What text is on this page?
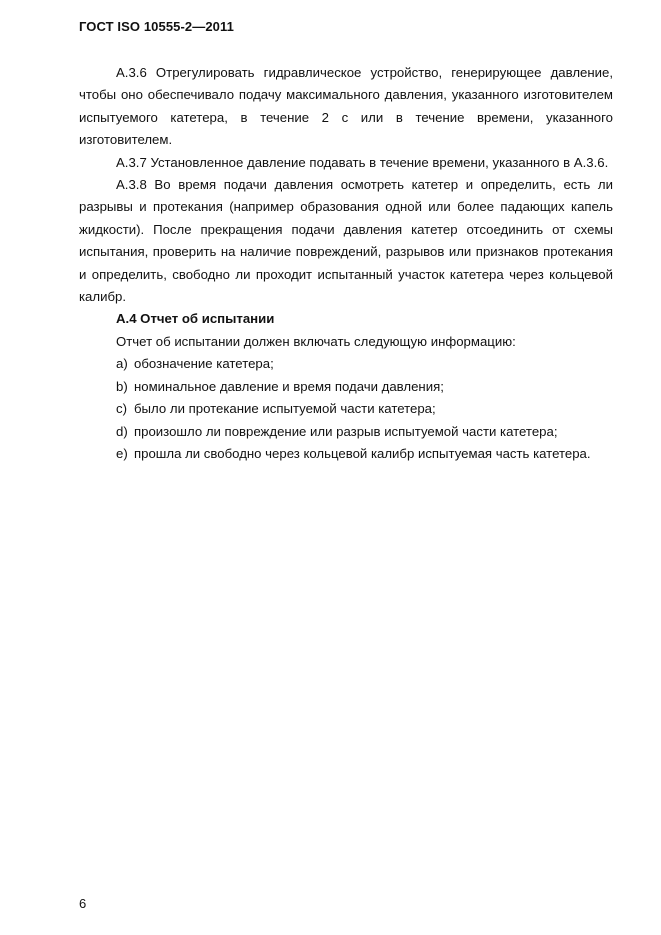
ГОСТ ISO 10555-2—2011

А.3.6 Отрегулировать гидравлическое устройство, генерирующее давление, чтобы оно обеспечивало подачу максимального давления, указанного изготовителем испытуемого катетера, в течение 2 с или в течение времени, указанного изготовителем.

А.3.7 Установленное давление подавать в течение времени, указанного в А.3.6.

А.3.8 Во время подачи давления осмотреть катетер и определить, есть ли разрывы и протекания (например образования одной или более падающих капель жидкости). После прекращения подачи давления катетер отсоединить от схемы испытания, проверить на наличие повреждений, разрывов или признаков протекания и определить, свободно ли проходит испытанный участок катетера через кольцевой калибр.

А.4 Отчет об испытании

Отчет об испытании должен включать следующую информацию:

а) обозначение катетера;
b) номинальное давление и время подачи давления;
c) было ли протекание испытуемой части катетера;
d) произошло ли повреждение или разрыв испытуемой части катетера;
e) прошла ли свободно через кольцевой калибр испытуемая часть катетера.
6
